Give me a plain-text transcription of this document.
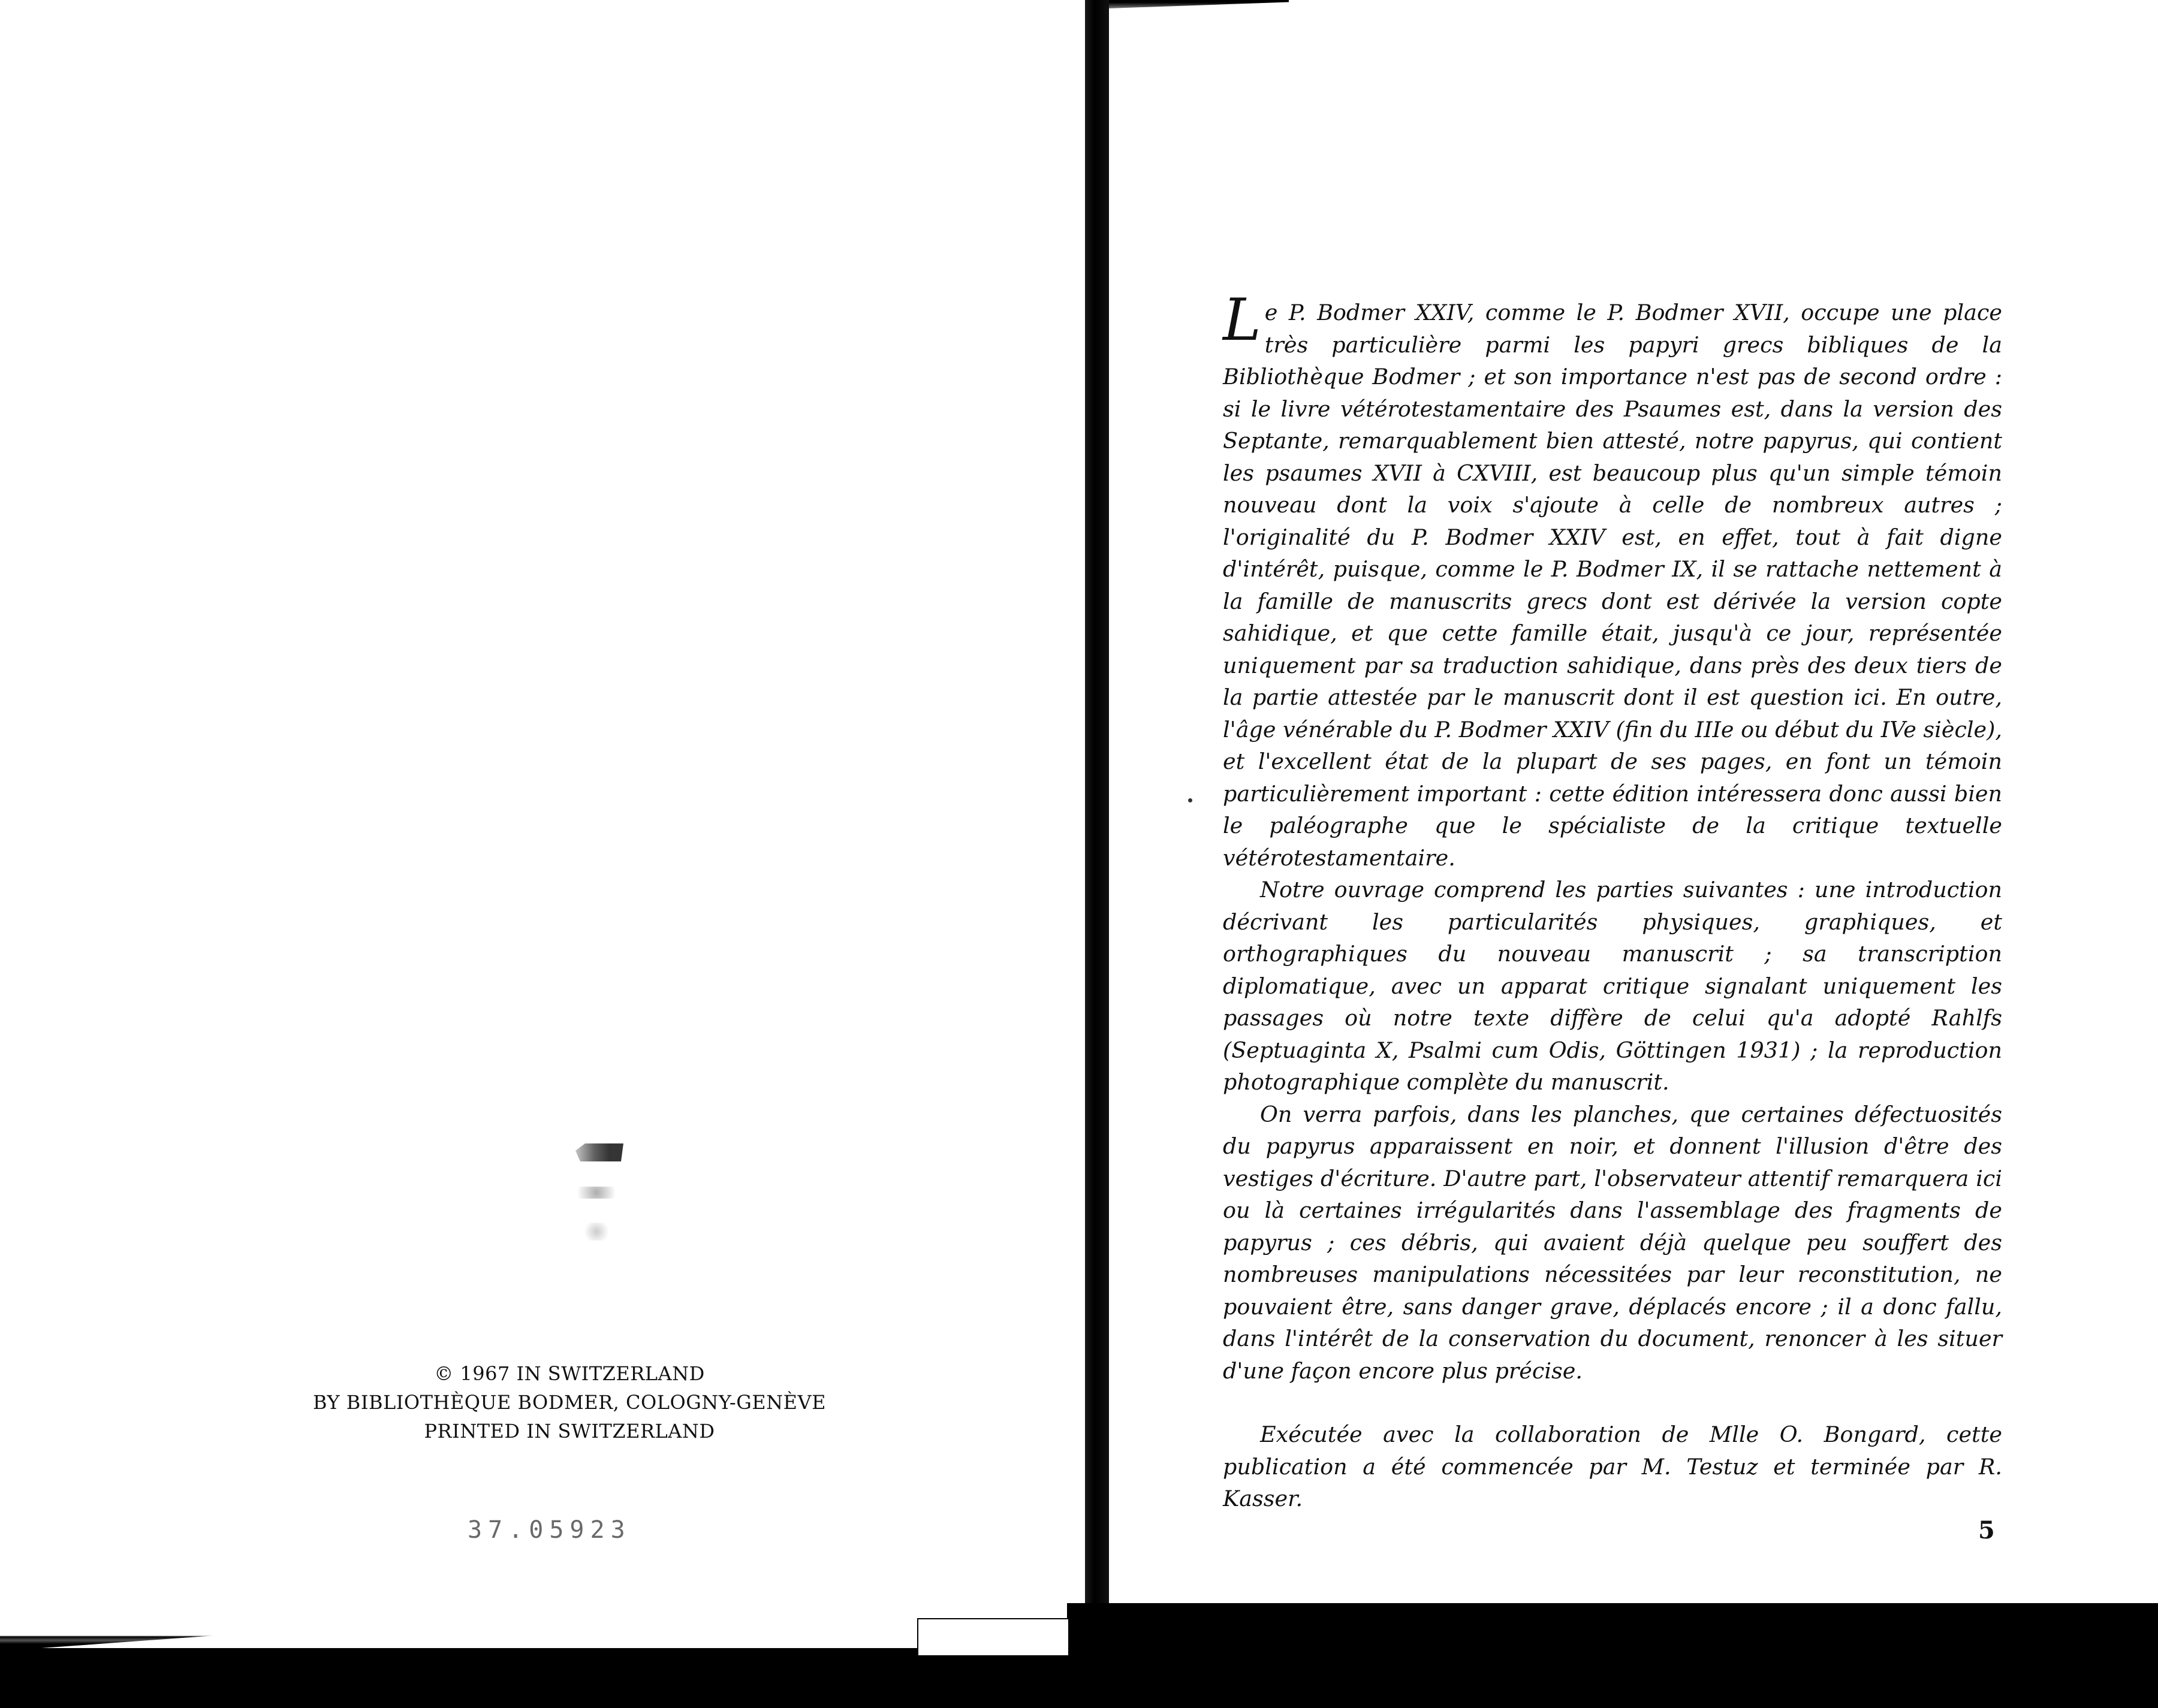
© 1967 IN SWITZERLAND
BY BIBLIOTHÈQUE BODMER, COLOGNY-GENÈVE
PRINTED IN SWITZERLAND
37.05923

Le P. Bodmer XXIV, comme le P. Bodmer XVII, occupe une place très particulière parmi les papyri grecs bibliques de la Bibliothèque Bodmer ; et son importance n'est pas de second ordre : si le livre vétérotestamentaire des Psaumes est, dans la version des Septante, remarquablement bien attesté, notre papyrus, qui contient les psaumes XVII à CXVIII, est beaucoup plus qu'un simple témoin nouveau dont la voix s'ajoute à celle de nombreux autres ; l'originalité du P. Bodmer XXIV est, en effet, tout à fait digne d'intérêt, puisque, comme le P. Bodmer IX, il se rattache nettement à la famille de manuscrits grecs dont est dérivée la version copte sahidique, et que cette famille était, jusqu'à ce jour, représentée uniquement par sa traduction sahidique, dans près des deux tiers de la partie attestée par le manuscrit dont il est question ici. En outre, l'âge vénérable du P. Bodmer XXIV (fin du IIIe ou début du IVe siècle), et l'excellent état de la plupart de ses pages, en font un témoin particulièrement important : cette édition intéressera donc aussi bien le paléographe que le spécialiste de la critique textuelle vétérotestamentaire.

Notre ouvrage comprend les parties suivantes : une introduction décrivant les particularités physiques, graphiques, et orthographiques du nouveau manuscrit ; sa transcription diplomatique, avec un apparat critique signalant uniquement les passages où notre texte diffère de celui qu'a adopté Rahlfs (Septuaginta X, Psalmi cum Odis, Göttingen 1931) ; la reproduction photographique complète du manuscrit.

On verra parfois, dans les planches, que certaines défectuosités du papyrus apparaissent en noir, et donnent l'illusion d'être des vestiges d'écriture. D'autre part, l'observateur attentif remarquera ici ou là certaines irrégularités dans l'assemblage des fragments de papyrus ; ces débris, qui avaient déjà quelque peu souffert des nombreuses manipulations nécessitées par leur reconstitution, ne pouvaient être, sans danger grave, déplacés encore ; il a donc fallu, dans l'intérêt de la conservation du document, renoncer à les situer d'une façon encore plus précise.

Exécutée avec la collaboration de Mlle O. Bongard, cette publication a été commencée par M. Testuz et terminée par R. Kasser.

5
